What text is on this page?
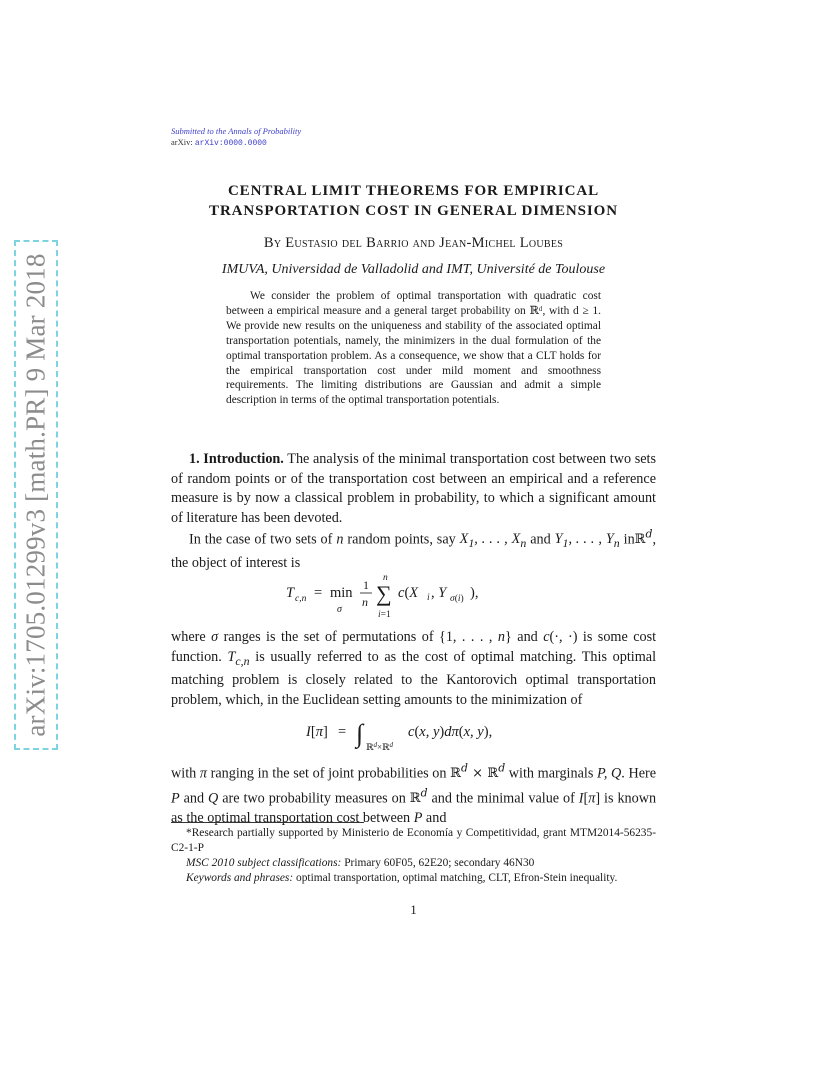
arXiv:1705.01299v3 [math.PR] 9 Mar 2018
Submitted to the Annals of Probability
arXiv: arXiv:0000.0000
CENTRAL LIMIT THEOREMS FOR EMPIRICAL
TRANSPORTATION COST IN GENERAL DIMENSION
By Eustasio del Barrio and Jean-Michel Loubes
IMUVA, Universidad de Valladolid and IMT, Université de Toulouse

We consider the problem of optimal transportation with quadratic cost between a empirical measure and a general target probability on ℝᵈ, with d ≥ 1. We provide new results on the uniqueness and stability of the associated optimal transportation potentials, namely, the minimizers in the dual formulation of the optimal transportation problem. As a consequence, we show that a CLT holds for the empirical transportation cost under mild moment and smoothness requirements. The limiting distributions are Gaussian and admit a simple description in terms of the optimal transportation potentials.

1. Introduction. The analysis of the minimal transportation cost between two sets of random points or of the transportation cost between an empirical and a reference measure is by now a classical problem in probability, to which a significant amount of literature has been devoted.

In the case of two sets of n random points, say $X_1$, . . . , $X_n$ and $Y_1$, . . . , $Y_n$ inℝ$^d$, the object of interest is

T c,n = min
σ
1
n ∑
n
i=1
c(X i , Y σ(i) ),

where σ ranges is the set of permutations of {1, . . . , n} and c(·, ·) is some cost function. $T_{c,n}$ is usually referred to as the cost of optimal matching. This optimal matching problem is closely related to the Kantorovich optimal transportation problem, which, in the Euclidean setting amounts to the minimization of

I[π] = ∫ ℝ$^d$×ℝ$^d$
c(x, y)dπ(x, y),

with π ranging in the set of joint probabilities on ℝ$^d$ × ℝ$^d$ with marginals P, Q. Here P and Q are two probability measures on ℝ$^d$ and the minimal value of I[π] is known as the optimal transportation cost between P and

*Research partially supported by Ministerio de Economía y Competitividad, grant MTM2014-56235-C2-1-P

MSC 2010 subject classifications: Primary 60F05, 62E20; secondary 46N30

Keywords and phrases: optimal transportation, optimal matching, CLT, Efron-Stein inequality.

1
